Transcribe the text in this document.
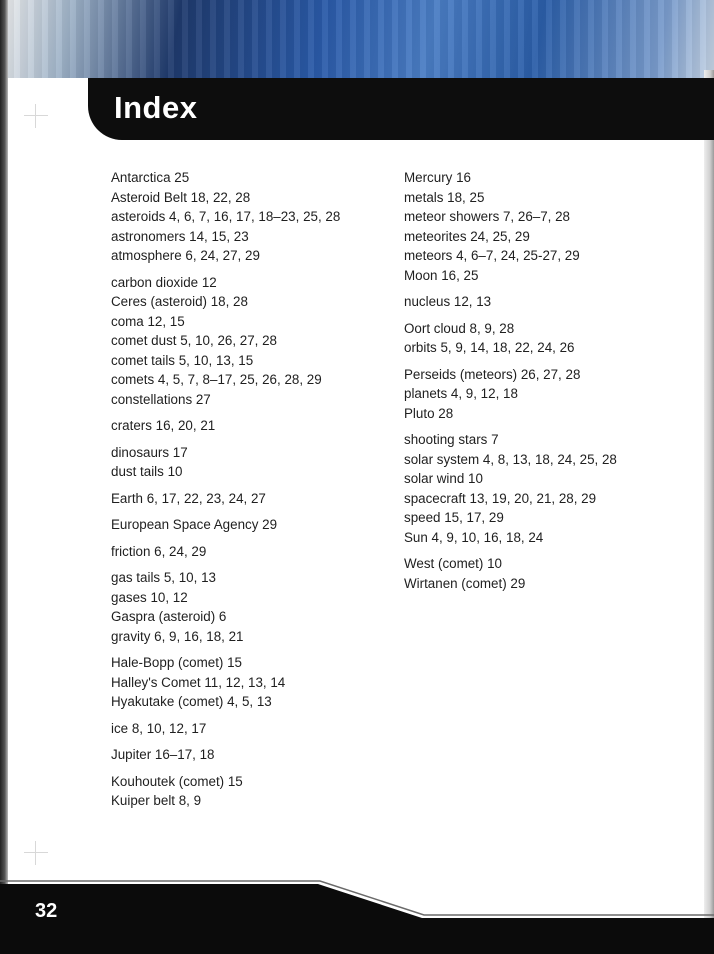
Index
Antarctica 25
Asteroid Belt 18, 22, 28
asteroids 4, 6, 7, 16, 17, 18–23, 25, 28
astronomers 14, 15, 23
atmosphere 6, 24, 27, 29
carbon dioxide 12
Ceres (asteroid) 18, 28
coma 12, 15
comet dust 5, 10, 26, 27, 28
comet tails 5, 10, 13, 15
comets 4, 5, 7, 8–17, 25, 26, 28, 29
constellations 27
craters 16, 20, 21
dinosaurs 17
dust tails 10
Earth 6, 17, 22, 23, 24, 27
European Space Agency 29
friction 6, 24, 29
gas tails 5, 10, 13
gases 10, 12
Gaspra (asteroid) 6
gravity 6, 9, 16, 18, 21
Hale-Bopp (comet) 15
Halley's Comet 11, 12, 13, 14
Hyakutake (comet) 4, 5, 13
ice 8, 10, 12, 17
Jupiter 16–17, 18
Kouhoutek (comet) 15
Kuiper belt 8, 9
Mercury 16
metals 18, 25
meteor showers 7, 26–7, 28
meteorites 24, 25, 29
meteors 4, 6–7, 24, 25-27, 29
Moon 16, 25
nucleus 12, 13
Oort cloud 8, 9, 28
orbits 5, 9, 14, 18, 22, 24, 26
Perseids (meteors) 26, 27, 28
planets 4, 9, 12, 18
Pluto 28
shooting stars 7
solar system 4, 8, 13, 18, 24, 25, 28
solar wind 10
spacecraft 13, 19, 20, 21, 28, 29
speed 15, 17, 29
Sun 4, 9, 10, 16, 18, 24
West (comet) 10
Wirtanen (comet) 29
32
